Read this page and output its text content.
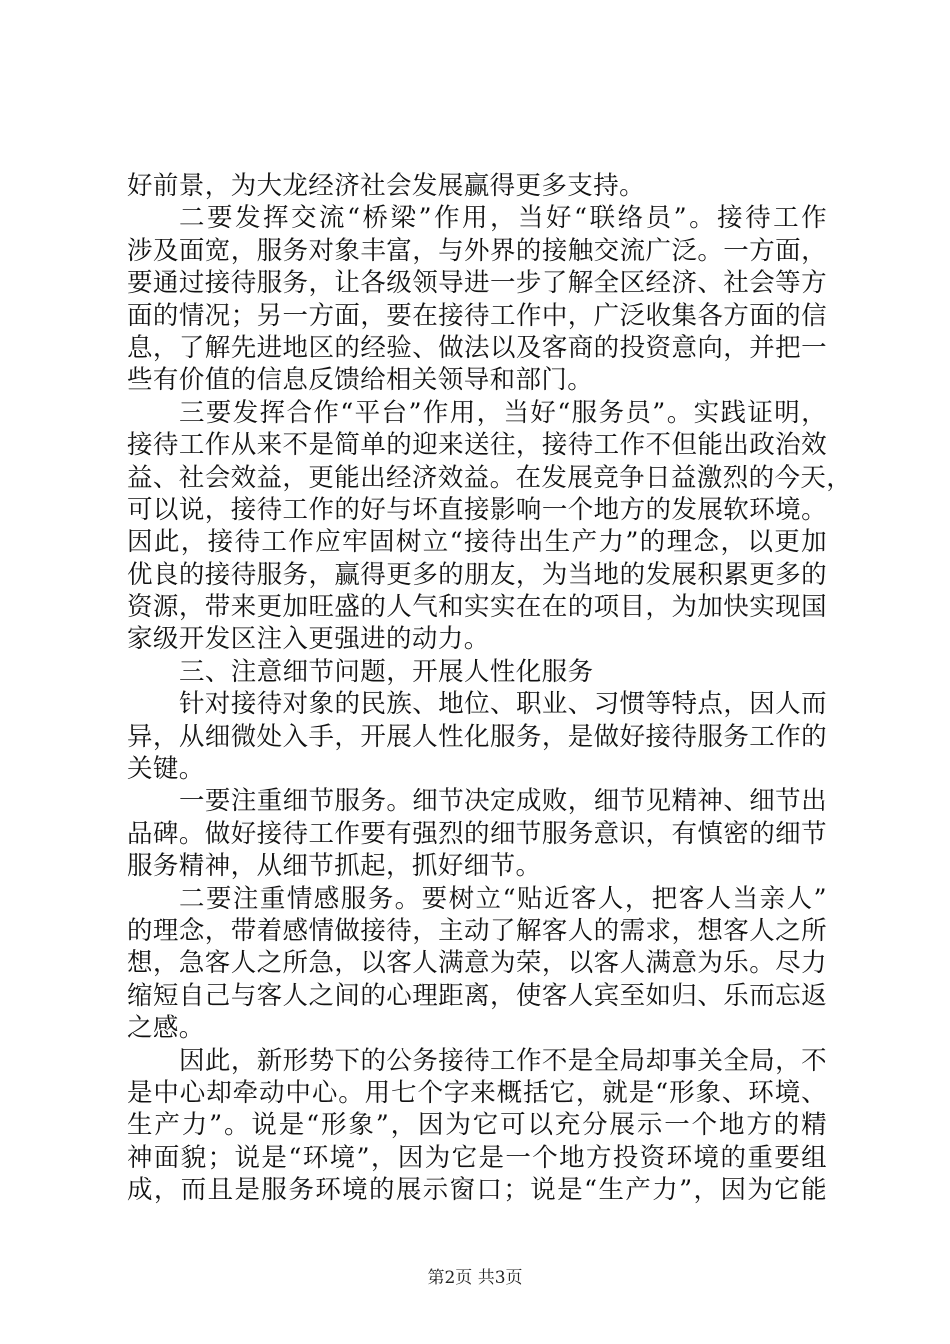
好前景，为大龙经济社会发展赢得更多支持。
二要发挥交流“桥梁”作用，当好“联络员”。接待工作
涉及面宽，服务对象丰富，与外界的接触交流广泛。一方面，
要通过接待服务，让各级领导进一步了解全区经济、社会等方
面的情况；另一方面，要在接待工作中，广泛收集各方面的信
息，了解先进地区的经验、做法以及客商的投资意向，并把一
些有价值的信息反馈给相关领导和部门。
三要发挥合作“平台”作用，当好“服务员”。实践证明，
接待工作从来不是简单的迎来送往，接待工作不但能出政治效
益、社会效益，更能出经济效益。在发展竞争日益激烈的今天，
可以说，接待工作的好与坏直接影响一个地方的发展软环境。
因此，接待工作应牢固树立“接待出生产力”的理念，以更加
优良的接待服务，赢得更多的朋友，为当地的发展积累更多的
资源，带来更加旺盛的人气和实实在在的项目，为加快实现国
家级开发区注入更强进的动力。
三、注意细节问题，开展人性化服务
针对接待对象的民族、地位、职业、习惯等特点，因人而
异，从细微处入手，开展人性化服务，是做好接待服务工作的
关键。
一要注重细节服务。细节决定成败，细节见精神、细节出
品碑。做好接待工作要有强烈的细节服务意识，有慎密的细节
服务精神，从细节抓起，抓好细节。
二要注重情感服务。要树立“贴近客人，把客人当亲人”
的理念，带着感情做接待，主动了解客人的需求，想客人之所
想，急客人之所急，以客人满意为荣，以客人满意为乐。尽力
缩短自己与客人之间的心理距离，使客人宾至如归、乐而忘返
之感。
因此，新形势下的公务接待工作不是全局却事关全局，不
是中心却牵动中心。用七个字来概括它，就是“形象、环境、
生产力”。说是“形象”，因为它可以充分展示一个地方的精
神面貌；说是“环境”，因为它是一个地方投资环境的重要组
成，而且是服务环境的展示窗口；说是“生产力”，因为它能
第2页 共3页
